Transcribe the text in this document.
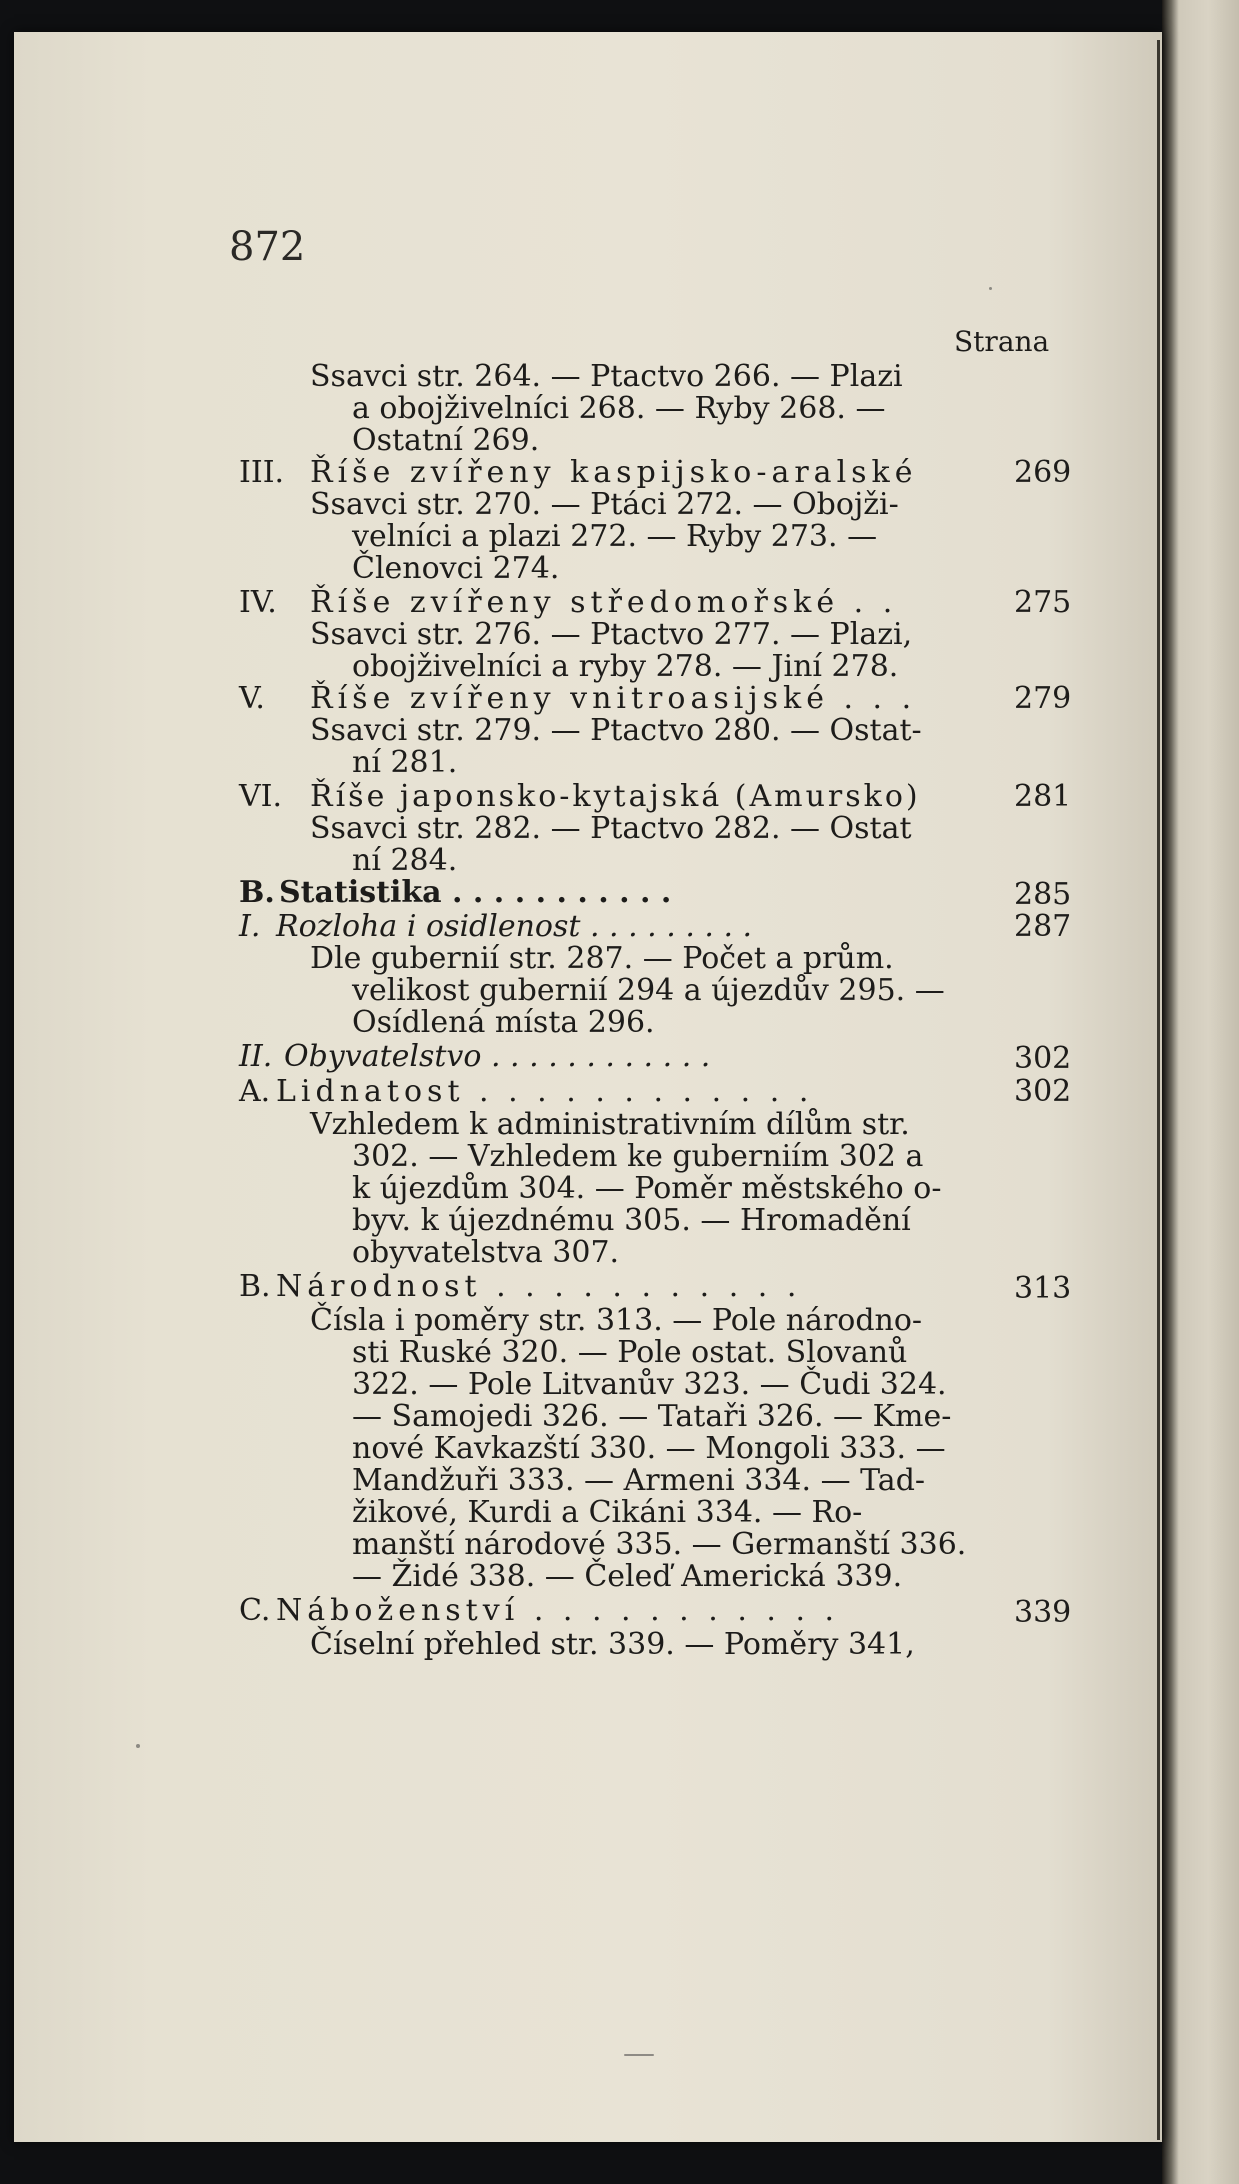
872
Strana
Ssavci str. 264. — Ptactvo 266. — Plazi
a obojživelníci 268. — Ryby 268. —
Ostatní 269.
III. Říše zvířeny kaspijsko-aralské	269
Ssavci str. 270. — Ptáci 272. — Obojži-
velníci a plazi 272. — Ryby 273. —
Členovci 274.
IV. Říše zvířeny středomořské . .	275
Ssavci str. 276. — Ptactvo 277. — Plazi,
obojživelníci a ryby 278. — Jiní 278.
V. Říše zvířeny vnitroasijské . . .	279
Ssavci str. 279. — Ptactvo 280. — Ostat-
ní 281.
VI. Říše japonsko-kytajská (Amursko)	281
Ssavci str. 282. — Ptactvo 282. — Ostat
ní 284.
B. Statistika . . . . . . . . . . .	285
I. Rozloha i osidlenost . . . . . . . . .	287
Dle gubernií str. 287. — Počet a prům.
velikost gubernií 294 a újezdův 295. —
Osídlená místa 296.
II. Obyvatelstvo . . . . . . . . . . . .	302
A. Lidnatost . . . . . . . . . . . .	302
Vzhledem k administrativním dílům str.
302. — Vzhledem ke guberniím 302 a
k újezdům 304. — Poměr městského o-
byv. k újezdnému 305. — Hromadění
obyvatelstva 307.
B. Národnost . . . . . . . . . . .	313
Čísla i poměry str. 313. — Pole národno-
sti Ruské 320. — Pole ostat. Slovanů
322. — Pole Litvanův 323. — Čudi 324.
— Samojedi 326. — Tataři 326. — Kme-
nové Kavkazští 330. — Mongoli 333. —
Mandžuři 333. — Armeni 334. — Tad-
žikové, Kurdi a Cikáni 334. — Ro-
manští národové 335. — Germanští 336.
— Židé 338. — Čeleď Americká 339.
C. Náboženství . . . . . . . . . . .	339
Číselní přehled str. 339. — Poměry 341,
